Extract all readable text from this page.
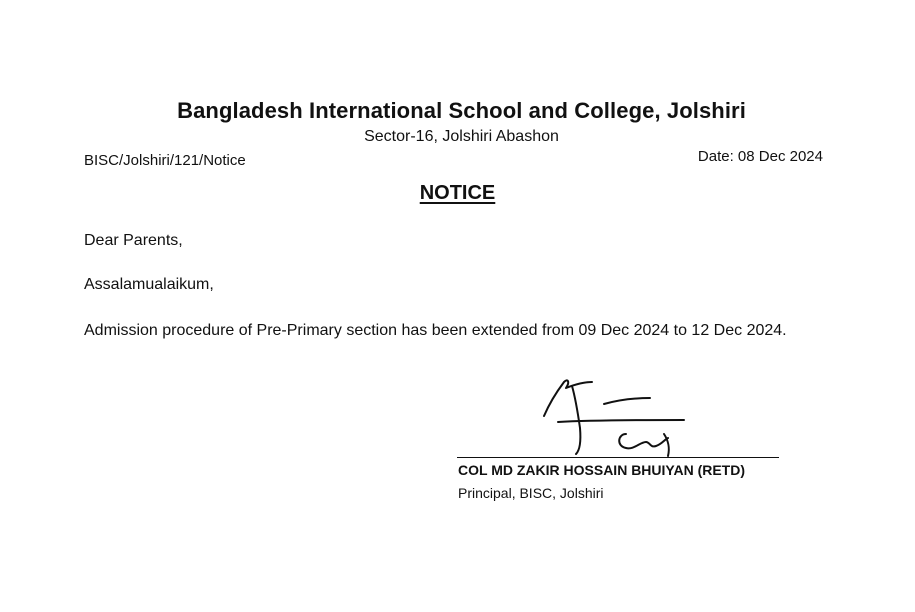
Bangladesh International School and College, Jolshiri
Sector-16, Jolshiri Abashon
BISC/Jolshiri/121/Notice	Date: 08 Dec 2024
NOTICE
Dear Parents,
Assalamualaikum,
Admission procedure of Pre-Primary section has been extended from 09 Dec 2024 to 12 Dec 2024.
COL MD ZAKIR HOSSAIN BHUIYAN (RETD)
Principal, BISC, Jolshiri
